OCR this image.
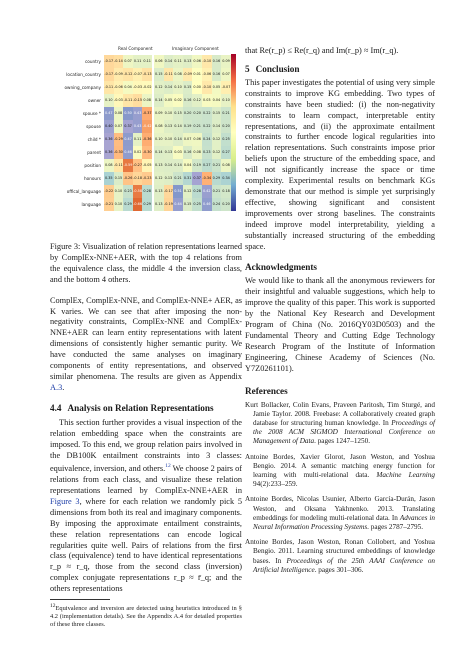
Real Component	Imaginary Component
country -0.17 -0.14 0.07 0.11 0.11 0.06 0.14 0.11 0.13 0.06 -0.10 0.16 0.09
location_country -0.17 -0.09 -0.12 -0.07 -0.13 0.15 -0.11 0.08 -0.09 0.01 -0.06 0.16 0.07
owning_company -0.11 -0.06 0.04 -0.03 -0.02 0.12 0.14 0.10 0.15 0.00 -0.10 0.05 -0.07
owner 0.10 -0.03 -0.11 -0.15 0.08 0.14 0.05 0.02 0.16 0.12 0.03 0.04 0.10
spouse * 0.47 0.08 0.50 0.43 -0.37 0.09 0.10 0.15 0.20 0.20 0.22 0.15 0.21
spouse 0.40 0.07 0.37 0.43 -0.42 0.08 0.13 0.14 0.19 0.21 0.22 0.14 0.20
child * 0.36 -0.29 0.47 0.11 -0.36 0.10 0.10 0.14 0.07 0.06 0.24 0.12 0.25
parent 0.36 -0.30 0.46 0.02 -0.30 0.14 0.13 0.03 0.16 0.08 0.23 0.12 0.27
position 0.08 -0.11 -0.59 -0.27 -0.05 0.13 0.14 0.14 0.04 0.19 0.27 0.21 0.08
honours 0.35 0.15 -0.26 -0.18 -0.23 0.12 0.13 0.21 0.31 0.37 -0.34 0.29 0.34
offical_language -0.22 0.10 0.23 -0.58 0.28 0.13 -0.17 0.51 0.12 0.28 0.42 0.21 0.18
language -0.21 0.10 0.29 -0.66 0.29 0.13 -0.19 0.44 0.15 0.25 0.46 0.24 0.20

Figure 3: Visualization of relation representations learned by ComplEx-NNE+AER, with the top 4 relations from the equivalence class, the middle 4 the inversion class, and the bottom 4 others.

ComplEx, ComplEx-NNE, and ComplEx-NNE+ AER, as K varies. We can see that after imposing the non-negativity constraints, ComplEx-NNE and ComplEx-NNE+AER can learn entity representations with latent dimensions of consistently higher semantic purity. We have conducted the same analyses on imaginary components of entity representations, and observed similar phenomena. The results are given as Appendix A.3.

4.4 Analysis on Relation Representations

This section further provides a visual inspection of the relation embedding space when the constraints are imposed. To this end, we group relation pairs involved in the DB100K entailment constraints into 3 classes: equivalence, inversion, and others.$^{12}$ We choose 2 pairs of relations from each class, and visualize these relation representations learned by ComplEx-NNE+AER in Figure 3, where for each relation we randomly pick 5 dimensions from both its real and imaginary components. By imposing the approximate entailment constraints, these relation representations can encode logical regularities quite well. Pairs of relations from the first class (equivalence) tend to have identical representations r_p ≈ r_q, those from the second class (inversion) complex conjugate representations r_p ≈ r̄_q; and the others representations

$^{12}$Equivalence and inversion are detected using heuristics introduced in § 4.2 (implementation details). See the Appendix A.4 for detailed properties of these three classes.

that Re(r_p) ≤ Re(r_q) and Im(r_p) ≈ Im(r_q).

5 Conclusion

This paper investigates the potential of using very simple constraints to improve KG embedding. Two types of constraints have been studied: (i) the non-negativity constraints to learn compact, interpretable entity representations, and (ii) the approximate entailment constraints to further encode logical regularities into relation representations. Such constraints impose prior beliefs upon the structure of the embedding space, and will not significantly increase the space or time complexity. Experimental results on benchmark KGs demonstrate that our method is simple yet surprisingly effective, showing significant and consistent improvements over strong baselines. The constraints indeed improve model interpretability, yielding a substantially increased structuring of the embedding space.

Acknowledgments

We would like to thank all the anonymous reviewers for their insightful and valuable suggestions, which help to improve the quality of this paper. This work is supported by the National Key Research and Development Program of China (No. 2016QY03D0503) and the Fundamental Theory and Cutting Edge Technology Research Program of the Institute of Information Engineering, Chinese Academy of Sciences (No. Y7Z0261101).

References

Kurt Bollacker, Colin Evans, Praveen Paritosh, Tim Sturgé, and Jamie Taylor. 2008. Freebase: A collaboratively created graph database for structuring human knowledge. In Proceedings of the 2008 ACM SIGMOD International Conference on Management of Data. pages 1247–1250.

Antoine Bordes, Xavier Glorot, Jason Weston, and Yoshua Bengio. 2014. A semantic matching energy function for learning with multi-relational data. Machine Learning 94(2):233–259.

Antoine Bordes, Nicolas Usunier, Alberto García-Durán, Jason Weston, and Oksana Yakhnenko. 2013. Translating embeddings for modeling multi-relational data. In Advances in Neural Information Processing Systems. pages 2787–2795.

Antoine Bordes, Jason Weston, Ronan Collobert, and Yoshua Bengio. 2011. Learning structured embeddings of knowledge bases. In Proceedings of the 25th AAAI Conference on Artificial Intelligence. pages 301–306.
